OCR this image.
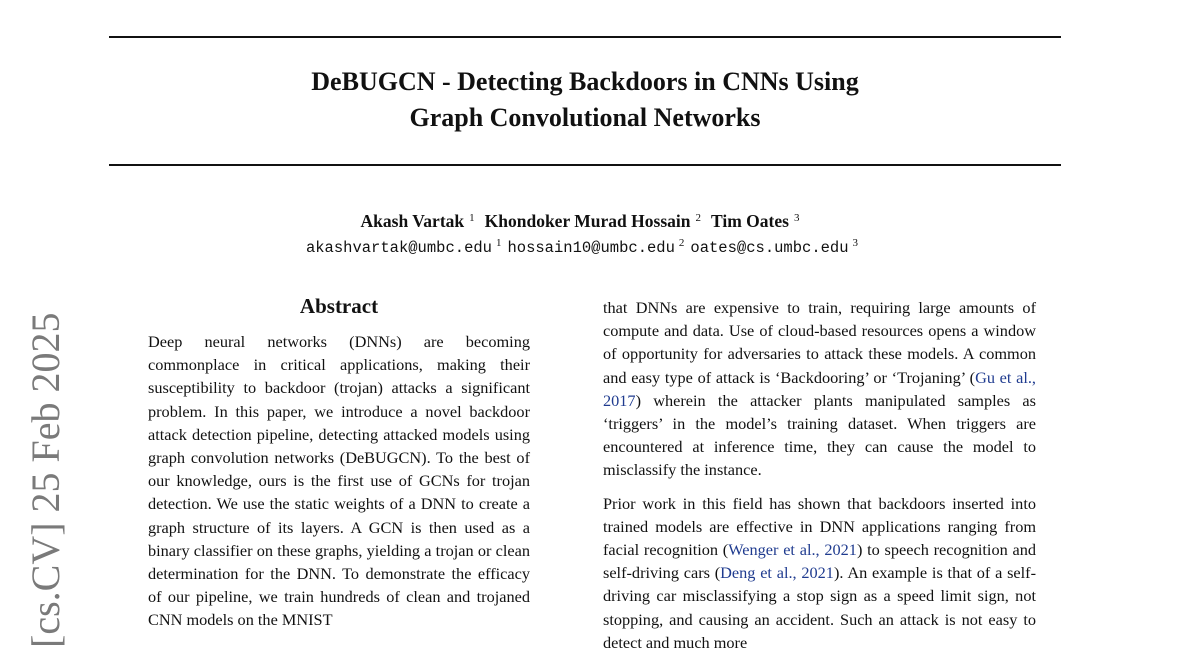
DeBUGCN - Detecting Backdoors in CNNs Using
Graph Convolutional Networks
Akash Vartak $^1$ Khondoker Murad Hossain $^2$ Tim Oates $^3$
akashvartak@umbc.edu $^1$ hossain10@umbc.edu $^2$ oates@cs.umbc.edu $^3$
[cs.CV] 25 Feb 2025
Abstract

Deep neural networks (DNNs) are becoming commonplace in critical applications, making their susceptibility to backdoor (trojan) attacks a significant problem. In this paper, we introduce a novel backdoor attack detection pipeline, detecting attacked models using graph convolution networks (DeBUGCN). To the best of our knowledge, ours is the first use of GCNs for trojan detection. We use the static weights of a DNN to create a graph structure of its layers. A GCN is then used as a binary classifier on these graphs, yielding a trojan or clean determination for the DNN. To demonstrate the efficacy of our pipeline, we train hundreds of clean and trojaned CNN models on the MNIST

that DNNs are expensive to train, requiring large amounts of compute and data. Use of cloud-based resources opens a window of opportunity for adversaries to attack these models. A common and easy type of attack is ‘Backdooring’ or ‘Trojaning’ (Gu et al., 2017) wherein the attacker plants manipulated samples as ‘triggers’ in the model’s training dataset. When triggers are encountered at inference time, they can cause the model to misclassify the instance.

Prior work in this field has shown that backdoors inserted into trained models are effective in DNN applications ranging from facial recognition (Wenger et al., 2021) to speech recognition and self-driving cars (Deng et al., 2021). An example is that of a self-driving car misclassifying a stop sign as a speed limit sign, not stopping, and causing an accident. Such an attack is not easy to detect and much more
